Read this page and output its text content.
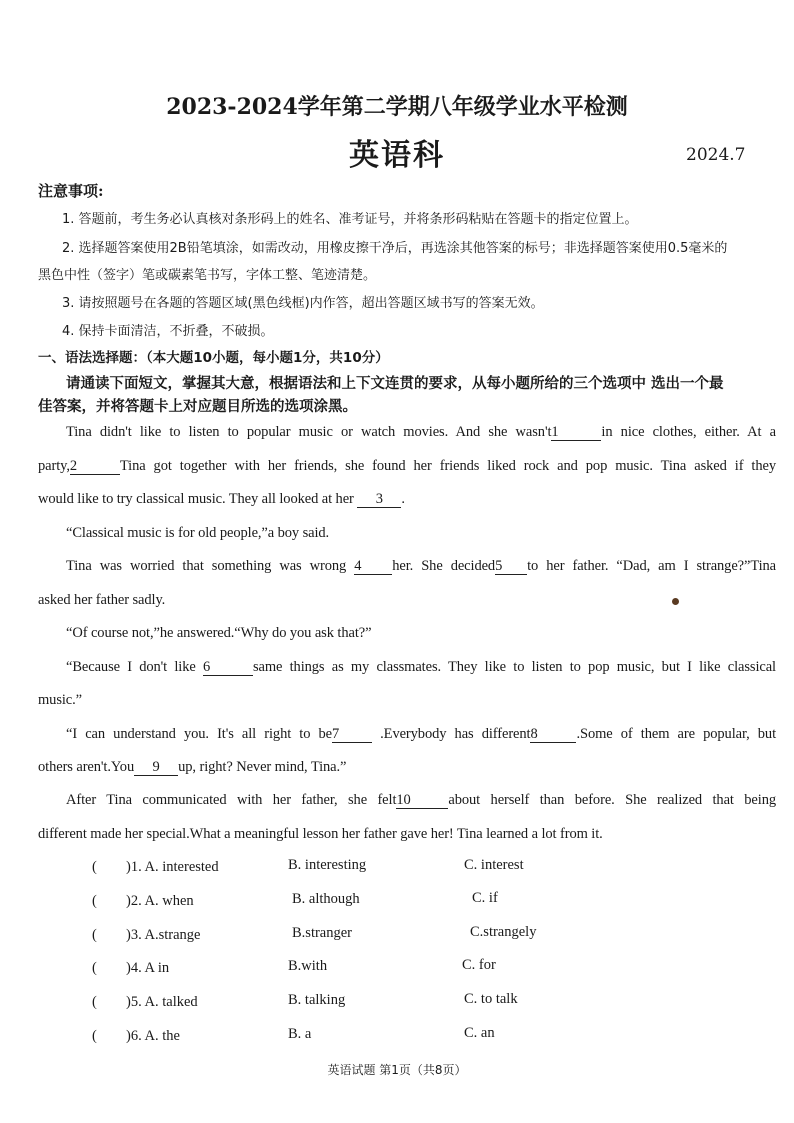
2023-2024学年第二学期八年级学业水平检测
英语科	2024.7
注意事项:
1. 答题前，考生务必认真核对条形码上的姓名、准考证号，并将条形码粘贴在答题卡的指定位置上。
2. 选择题答案使用2B铅笔填涂，如需改动，用橡皮擦干净后，再选涂其他答案的标号；非选择题答案使用0.5毫米的
黑色中性（签字）笔或碳素笔书写，字体工整、笔迹清楚。
3. 请按照题号在各题的答题区域(黑色线框)内作答，超出答题区域书写的答案无效。
4. 保持卡面清洁，不折叠，不破损。
一、语法选择题：（本大题10小题，每小题1分，共10分）
请通读下面短文，掌握其大意，根据语法和上下文连贯的要求，从每小题所给的三个选项中 选出一个最
佳答案，并将答题卡上对应题目所选的选项涂黑。
Tina didn't like to listen to popular music or watch movies. And she wasn't1	in nice clothes, either. At a
party,2	Tina got together with her friends, she found her friends liked rock and pop music. Tina asked if they
would like to try classical music. They all looked at her 3 .
“Classical music is for old people,”a boy said.
Tina was worried that something was wrong 4 her. She decided5 to her father. “Dad, am I strange?”Tina
asked her father sadly.
“Of course not,”he answered.“Why do you ask that?”
“Because I don't like 6	same things as my classmates. They like to listen to pop music, but I like classical
music.”
“I can understand you. It's all right to be7	.Everybody has different8	.Some of them are popular, but
others aren't.You 9 up, right? Never mind, Tina.”
After Tina communicated with her father, she felt10	about herself than before. She realized that being
different made her special.What a meaningful lesson her father gave her! Tina learned a lot from it.
( )1. A. interested	B. interesting	C. interest
( )2. A. when	B. although	C. if
( )3. A.strange	B.stranger	C.strangely
( )4. A in	B.with	C. for
( )5. A. talked	B. talking	C. to talk
( )6. A. the	B. a	C. an
英语试题 第1页（共8页）
